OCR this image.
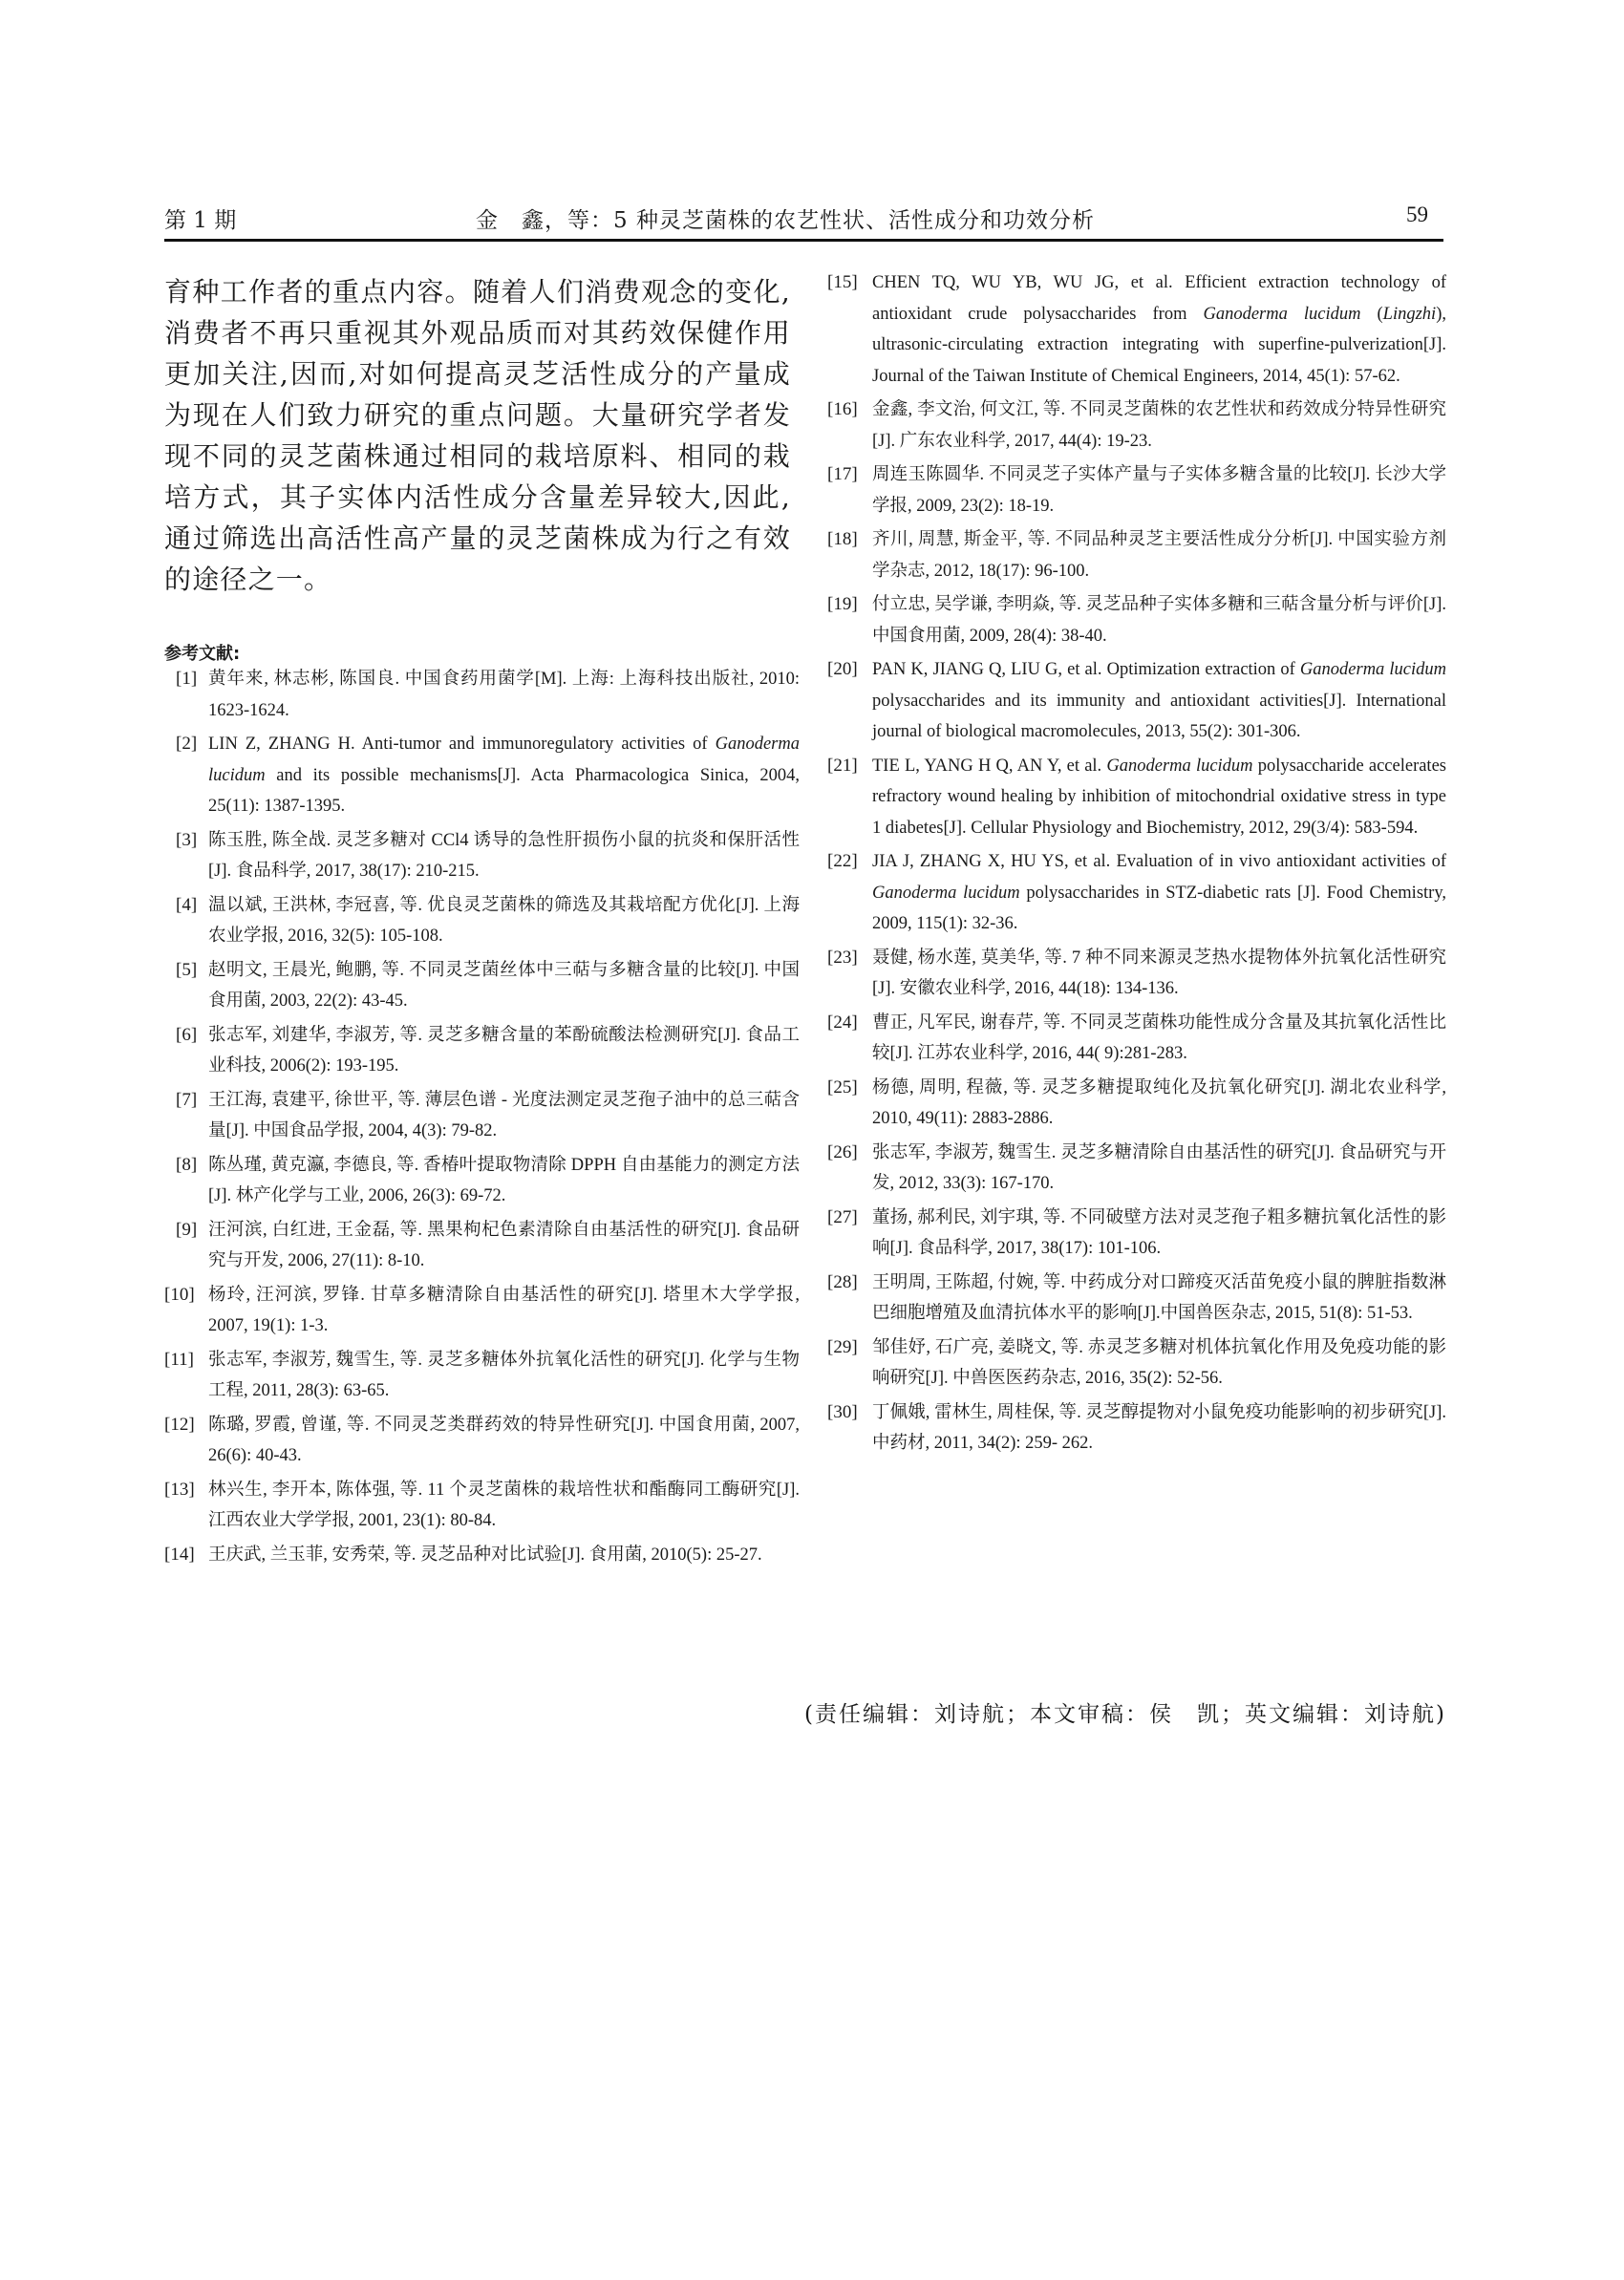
第 1 期	金　鑫，等：5 种灵芝菌株的农艺性状、活性成分和功效分析	59

育种工作者的重点内容。随着人们消费观念的变化,消费者不再只重视其外观品质而对其药效保健作用更加关注,因而,对如何提高灵芝活性成分的产量成为现在人们致力研究的重点问题。大量研究学者发现不同的灵芝菌株通过相同的栽培原料、相同的栽培方式，其子实体内活性成分含量差异较大,因此,通过筛选出高活性高产量的灵芝菌株成为行之有效的途径之一。

参考文献:
[1] 黄年来, 林志彬, 陈国良. 中国食药用菌学[M]. 上海: 上海科技出版社, 2010: 1623-1624.
[2] LIN Z, ZHANG H. Anti-tumor and immunoregulatory activities of Ganoderma lucidum and its possible mechanisms[J]. Acta Pharmacologica Sinica, 2004, 25(11): 1387-1395.
[3] 陈玉胜, 陈全战. 灵芝多糖对 CCl4 诱导的急性肝损伤小鼠的抗炎和保肝活性[J]. 食品科学, 2017, 38(17): 210-215.
[4] 温以斌, 王洪林, 李冠喜, 等. 优良灵芝菌株的筛选及其栽培配方优化[J]. 上海农业学报, 2016, 32(5): 105-108.
[5] 赵明文, 王晨光, 鲍鹏, 等. 不同灵芝菌丝体中三萜与多糖含量的比较[J]. 中国食用菌, 2003, 22(2): 43-45.
[6] 张志军, 刘建华, 李淑芳, 等. 灵芝多糖含量的苯酚硫酸法检测研究[J]. 食品工业科技, 2006(2): 193-195.
[7] 王江海, 袁建平, 徐世平, 等. 薄层色谱 - 光度法测定灵芝孢子油中的总三萜含量[J]. 中国食品学报, 2004, 4(3): 79-82.
[8] 陈丛瑾, 黄克瀛, 李德良, 等. 香椿叶提取物清除 DPPH 自由基能力的测定方法[J]. 林产化学与工业, 2006, 26(3): 69-72.
[9] 汪河滨, 白红进, 王金磊, 等. 黑果枸杞色素清除自由基活性的研究[J]. 食品研究与开发, 2006, 27(11): 8-10.
[10] 杨玲, 汪河滨, 罗锋. 甘草多糖清除自由基活性的研究[J]. 塔里木大学学报, 2007, 19(1): 1-3.
[11] 张志军, 李淑芳, 魏雪生, 等. 灵芝多糖体外抗氧化活性的研究[J]. 化学与生物工程, 2011, 28(3): 63-65.
[12] 陈璐, 罗霞, 曾谨, 等. 不同灵芝类群药效的特异性研究[J]. 中国食用菌, 2007, 26(6): 40-43.
[13] 林兴生, 李开本, 陈体强, 等. 11 个灵芝菌株的栽培性状和酯酶同工酶研究[J]. 江西农业大学学报, 2001, 23(1): 80-84.
[14] 王庆武, 兰玉菲, 安秀荣, 等. 灵芝品种对比试验[J]. 食用菌, 2010(5): 25-27.
[15] CHEN TQ, WU YB, WU JG, et al. Efficient extraction technology of antioxidant crude polysaccharides from Ganoderma lucidum (Lingzhi), ultrasonic-circulating extraction integrating with superfine-pulverization[J]. Journal of the Taiwan Institute of Chemical Engineers, 2014, 45(1): 57-62.
[16] 金鑫, 李文治, 何文江, 等. 不同灵芝菌株的农艺性状和药效成分特异性研究[J]. 广东农业科学, 2017, 44(4): 19-23.
[17] 周连玉陈圆华. 不同灵芝子实体产量与子实体多糖含量的比较[J]. 长沙大学学报, 2009, 23(2): 18-19.
[18] 齐川, 周慧, 斯金平, 等. 不同品种灵芝主要活性成分分析[J]. 中国实验方剂学杂志, 2012, 18(17): 96-100.
[19] 付立忠, 吴学谦, 李明焱, 等. 灵芝品种子实体多糖和三萜含量分析与评价[J]. 中国食用菌, 2009, 28(4): 38-40.
[20] PAN K, JIANG Q, LIU G, et al. Optimization extraction of Ganoderma lucidum polysaccharides and its immunity and antioxidant activities[J]. International journal of biological macromolecules, 2013, 55(2): 301-306.
[21] TIE L, YANG H Q, AN Y, et al. Ganoderma lucidum polysaccharide accelerates refractory wound healing by inhibition of mitochondrial oxidative stress in type 1 diabetes[J]. Cellular Physiology and Biochemistry, 2012, 29(3/4): 583-594.
[22] JIA J, ZHANG X, HU YS, et al. Evaluation of in vivo antioxidant activities of Ganoderma lucidum polysaccharides in STZ-diabetic rats [J]. Food Chemistry, 2009, 115(1): 32-36.
[23] 聂健, 杨水莲, 莫美华, 等. 7 种不同来源灵芝热水提物体外抗氧化活性研究[J]. 安徽农业科学, 2016, 44(18): 134-136.
[24] 曹正, 凡军民, 谢春芹, 等. 不同灵芝菌株功能性成分含量及其抗氧化活性比较[J]. 江苏农业科学, 2016, 44( 9):281-283.
[25] 杨德, 周明, 程薇, 等. 灵芝多糖提取纯化及抗氧化研究[J]. 湖北农业科学, 2010, 49(11): 2883-2886.
[26] 张志军, 李淑芳, 魏雪生. 灵芝多糖清除自由基活性的研究[J]. 食品研究与开发, 2012, 33(3): 167-170.
[27] 董扬, 郝利民, 刘宇琪, 等. 不同破壁方法对灵芝孢子粗多糖抗氧化活性的影响[J]. 食品科学, 2017, 38(17): 101-106.
[28] 王明周, 王陈超, 付婉, 等. 中药成分对口蹄疫灭活苗免疫小鼠的脾脏指数淋巴细胞增殖及血清抗体水平的影响[J].中国兽医杂志, 2015, 51(8): 51-53.
[29] 邹佳妤, 石广亮, 姜晓文, 等. 赤灵芝多糖对机体抗氧化作用及免疫功能的影响研究[J]. 中兽医医药杂志, 2016, 35(2): 52-56.
[30] 丁佩娥, 雷林生, 周桂保, 等. 灵芝醇提物对小鼠免疫功能影响的初步研究[J]. 中药材, 2011, 34(2): 259- 262.
(责任编辑：刘诗航；本文审稿：侯　凯；英文编辑：刘诗航)
